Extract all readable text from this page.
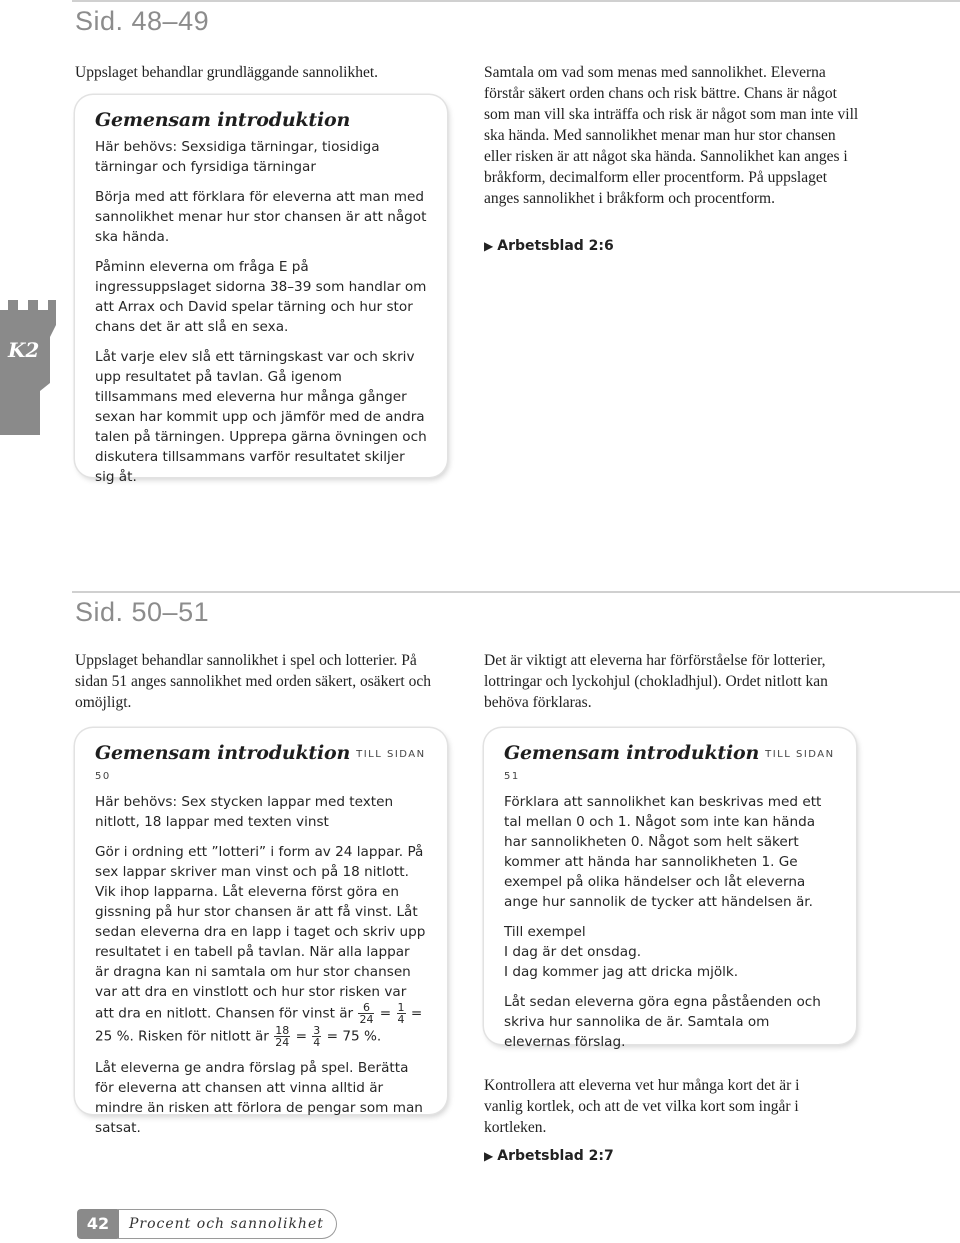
Sid. 48–49
Uppslaget behandlar grundläggande sannolikhet.
Gemensam introduktion

Här behövs: Sexsidiga tärningar, tiosidiga tärningar och fyrsidiga tärningar

Börja med att förklara för eleverna att man med sannolikhet menar hur stor chansen är att något ska hända.

Påminn eleverna om fråga E på ingressuppslaget sidorna 38–39 som handlar om att Arrax och David spelar tärning och hur stor chans det är att slå en sexa.

Låt varje elev slå ett tärningskast var och skriv upp resultatet på tavlan. Gå igenom tillsammans med eleverna hur många gånger sexan har kommit upp och jämför med de andra talen på tärningen. Upprepa gärna övningen och diskutera tillsammans varför resultatet skiljer sig åt.

Samtala om vad som menas med sannolikhet. Eleverna förstår säkert orden chans och risk bättre. Chans är något som man vill ska inträffa och risk är något som man inte vill ska hända. Med sannolikhet menar man hur stor chansen eller risken är att något ska hända. Sannolikhet kan anges i bråkform, decimalform eller procentform. På uppslaget anges sannolikhet i bråkform och procentform.
▶ Arbetsblad 2:6
K2
Sid. 50–51
Uppslaget behandlar sannolikhet i spel och lotterier. På sidan 51 anges sannolikhet med orden säkert, osäkert och omöjligt.
Det är viktigt att eleverna har förförståelse för lotterier, lottringar och lyckohjul (chokladhjul). Ordet nitlott kan behöva förklaras.
Gemensam introduktion $^{TILL SIDAN 50}$

Här behövs: Sex stycken lappar med texten nitlott, 18 lappar med texten vinst

Gör i ordning ett ”lotteri” i form av 24 lappar. På sex lappar skriver man vinst och på 18 nitlott. Vik ihop lapparna. Låt eleverna först göra en gissning på hur stor chansen är att få vinst. Låt sedan eleverna dra en lapp i taget och skriv upp resultatet i en tabell på tavlan. När alla lappar är dragna kan ni samtala om hur stor chansen var att dra en vinstlott och hur stor risken var att dra en nitlott. Chansen för vinst är $\frac{6}{24} = \frac{1}{4} = 25$ %. Risken för nitlott är $\frac{18}{24} = \frac{3}{4} = 75$ %.

Låt eleverna ge andra förslag på spel. Berätta för eleverna att chansen att vinna alltid är mindre än risken att förlora de pengar som man satsat.

Gemensam introduktion $^{TILL SIDAN 51}$

Förklara att sannolikhet kan beskrivas med ett tal mellan 0 och 1. Något som inte kan hända har sannolikheten 0. Något som helt säkert kommer att hända har sannolikheten 1. Ge exempel på olika händelser och låt eleverna ange hur sannolik de tycker att händelsen är.

Till exempel
I dag är det onsdag.
I dag kommer jag att dricka mjölk.

Låt sedan eleverna göra egna påståenden och skriva hur sannolika de är. Samtala om elevernas förslag.

Kontrollera att eleverna vet hur många kort det är i vanlig kortlek, och att de vet vilka kort som ingår i kortleken.
▶ Arbetsblad 2:7
42	Procent och sannolikhet
